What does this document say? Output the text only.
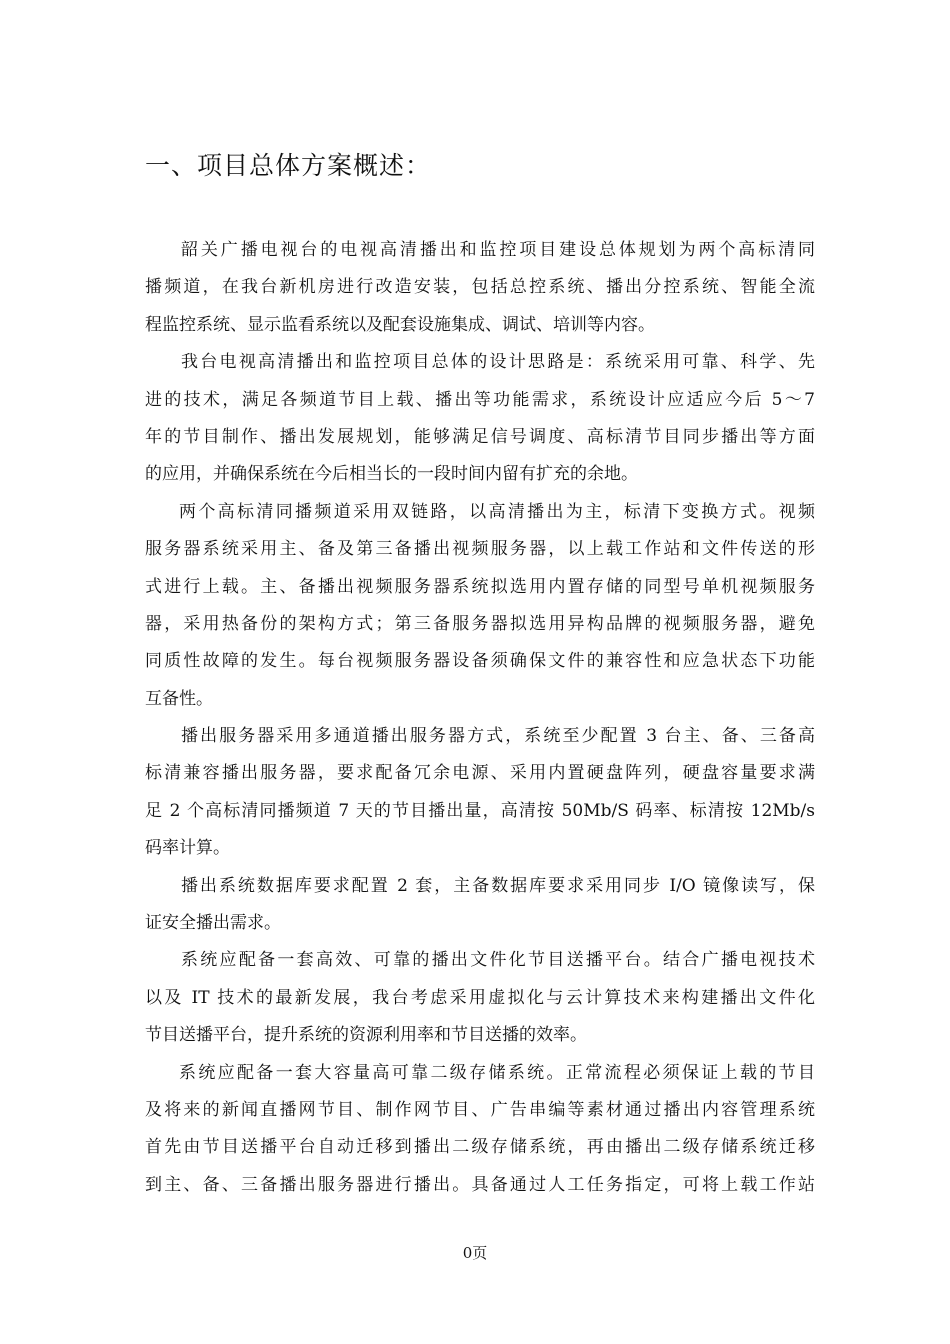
一、项目总体方案概述：
韶关广播电视台的电视高清播出和监控项目建设总体规划为两个高标清同
播频道，在我台新机房进行改造安装，包括总控系统、播出分控系统、智能全流
程监控系统、显示监看系统以及配套设施集成、调试、培训等内容。
我台电视高清播出和监控项目总体的设计思路是：系统采用可靠、科学、先
进的技术，满足各频道节目上载、播出等功能需求，系统设计应适应今后 5～7
年的节目制作、播出发展规划，能够满足信号调度、高标清节目同步播出等方面
的应用，并确保系统在今后相当长的一段时间内留有扩充的余地。
两个高标清同播频道采用双链路，以高清播出为主，标清下变换方式。视频
服务器系统采用主、备及第三备播出视频服务器，以上载工作站和文件传送的形
式进行上载。主、备播出视频服务器系统拟选用内置存储的同型号单机视频服务
器，采用热备份的架构方式；第三备服务器拟选用异构品牌的视频服务器，避免
同质性故障的发生。每台视频服务器设备须确保文件的兼容性和应急状态下功能
互备性。
播出服务器采用多通道播出服务器方式，系统至少配置 3 台主、备、三备高
标清兼容播出服务器，要求配备冗余电源、采用内置硬盘阵列，硬盘容量要求满
足 2 个高标清同播频道 7 天的节目播出量，高清按 50Mb/S 码率、标清按 12Mb/s
码率计算。
播出系统数据库要求配置 2 套，主备数据库要求采用同步 I/O 镜像读写，保
证安全播出需求。
系统应配备一套高效、可靠的播出文件化节目送播平台。结合广播电视技术
以及 IT 技术的最新发展，我台考虑采用虚拟化与云计算技术来构建播出文件化
节目送播平台，提升系统的资源利用率和节目送播的效率。
系统应配备一套大容量高可靠二级存储系统。正常流程必须保证上载的节目
及将来的新闻直播网节目、制作网节目、广告串编等素材通过播出内容管理系统
首先由节目送播平台自动迁移到播出二级存储系统，再由播出二级存储系统迁移
到主、备、三备播出服务器进行播出。具备通过人工任务指定，可将上载工作站
0页
